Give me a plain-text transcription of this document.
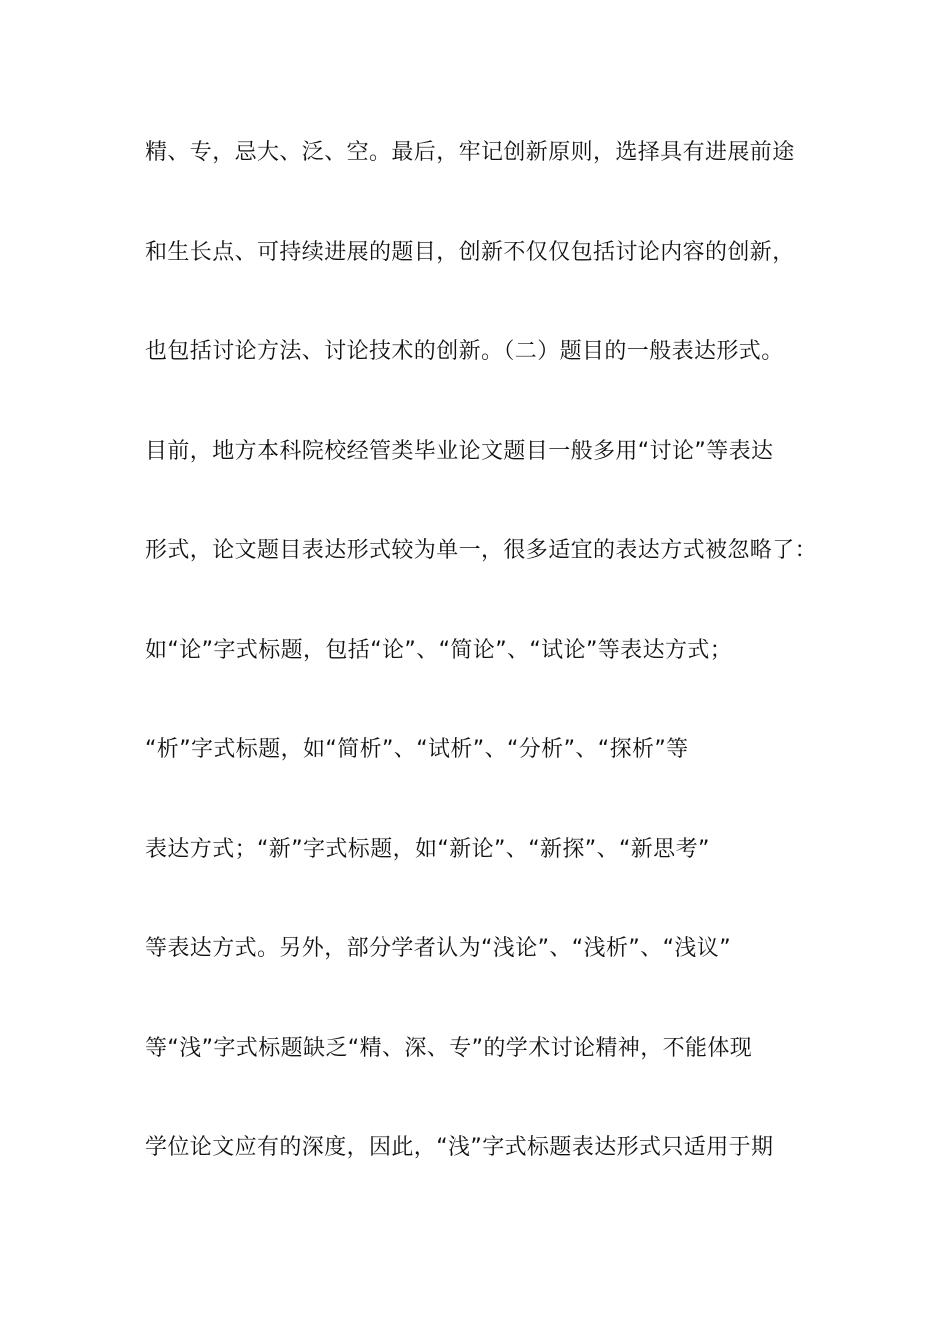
精、专，忌大、泛、空。最后，牢记创新原则，选择具有进展前途
和生长点、可持续进展的题目，创新不仅仅包括讨论内容的创新，
也包括讨论方法、讨论技术的创新。（二）题目的一般表达形式。
目前，地方本科院校经管类毕业论文题目一般多用“讨论”等表达
形式，论文题目表达形式较为单一，很多适宜的表达方式被忽略了：
如“论”字式标题，包括“论”、“简论”、“试论”等表达方式；
“析”字式标题，如“简析”、“试析”、“分析”、“探析”等
表达方式；“新”字式标题，如“新论”、“新探”、“新思考”
等表达方式。另外，部分学者认为“浅论”、“浅析”、“浅议”
等“浅”字式标题缺乏“精、深、专”的学术讨论精神，不能体现
学位论文应有的深度，因此，“浅”字式标题表达形式只适用于期
